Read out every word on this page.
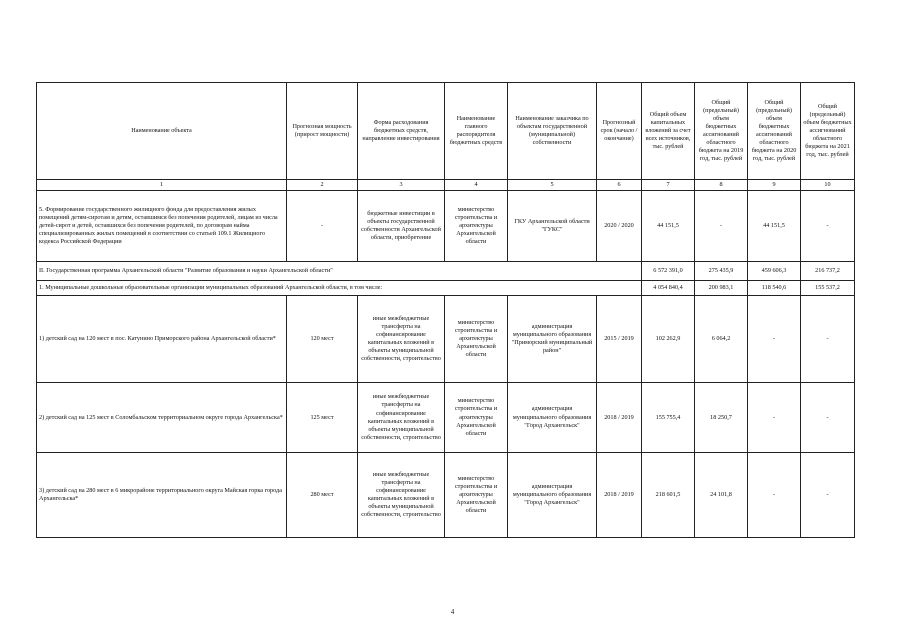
Наименование объекта	Прогнозная мощность (прирост мощности)	Форма расходования бюджетных средств, направление инвестирования	Наименование главного распорядителя бюджетных средств	Наименование заказчика по объектам государственной (муниципальной) собственности	Прогнозный срок (начало / окончание)	Общий объем капитальных вложений за счет всех источников, тыс. рублей	Общий (предельный) объем бюджетных ассигнований областного бюджета на 2019 год, тыс. рублей	Общий (предельный) объем бюджетных ассигнований областного бюджета на 2020 год, тыс. рублей	Общий (предельный) объем бюджетных ассигнований областного бюджета на 2021 год, тыс. рублей
1	2	3	4	5	6	7	8	9	10
5. Формирование государственного жилищного фонда для предоставления жилых помещений детям-сиротам и детям, оставшимся без попечения родителей, лицам из числа детей-сирот и детей, оставшихся без попечения родителей, по договорам найма специализированных жилых помещений в соответствии со статьей 109.1 Жилищного кодекса Российской Федерации	-	бюджетные инвестиции в объекты государственной собственности Архангельской области, приобретение	министерство строительства и архитектуры Архангельской области	ГКУ Архангельской области "ГУКС"	2020 / 2020	44 151,5	-	44 151,5	-
II. Государственная программа Архангельской области "Развитие образования и науки Архангельской области"						6 572 391,0	275 435,9	459 606,3	216 737,2
1. Муниципальные дошкольные образовательные организации муниципальных образований Архангельской области, в том числе:						4 054 840,4	200 983,1	118 540,6	155 537,2
1) детский сад на 120 мест в пос. Катунино Приморского района Архангельской области*	120 мест	иные межбюджетные трансферты на софинансирование капитальных вложений в объекты муниципальной собственности, строительство	министерство строительства и архитектуры Архангельской области	администрация муниципального образования "Приморский муниципальный район"	2015 / 2019	102 262,9	6 064,2	-	-
2) детский сад на 125 мест в Соломбальском территориальном округе города Архангельска*	125 мест	иные межбюджетные трансферты на софинансирование капитальных вложений в объекты муниципальной собственности, строительство	министерство строительства и архитектуры Архангельской области	администрация муниципального образования "Город Архангельск"	2018 / 2019	155 755,4	18 250,7	-	-
3) детский сад на 280 мест в 6 микрорайоне территориального округа Майская горка города Архангельска*	280 мест	иные межбюджетные трансферты на софинансирование капитальных вложений в объекты муниципальной собственности, строительство	министерство строительства и архитектуры Архангельской области	администрация муниципального образования "Город Архангельск"	2018 / 2019	218 601,5	24 101,8	-	-
4
